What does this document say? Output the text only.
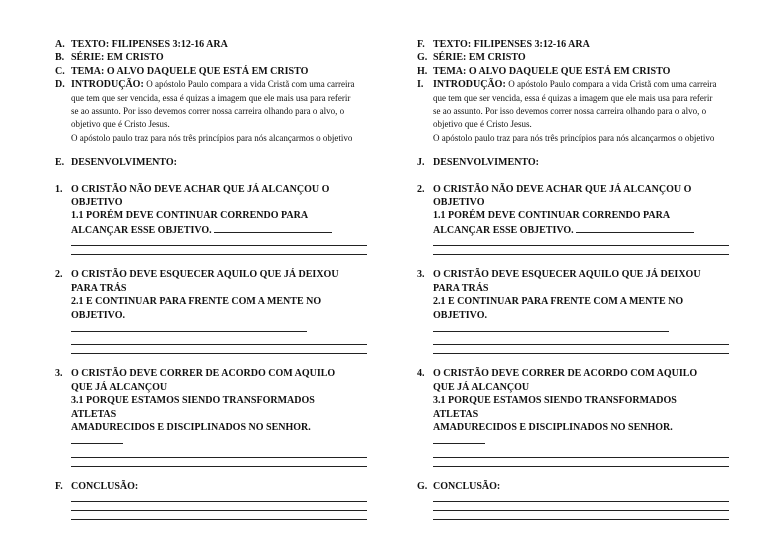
A. TEXTO: FILIPENSES 3:12-16 ARA
B. SÉRIE: EM CRISTO
C. TEMA: O ALVO DAQUELE QUE ESTÁ EM CRISTO
D. INTRODUÇÃO: O apóstolo Paulo compara a vida Cristã com uma carreira que tem que ser vencida, essa é quizas a imagem que ele mais usa para referir se ao assunto. Por isso devemos correr nossa carreira olhando para o alvo, o objetivo que é Cristo Jesus.
O apóstolo paulo traz para nós três princípios para nós alcançarmos o objetivo
E. DESENVOLVIMENTO:
1. O CRISTÃO NÃO DEVE ACHAR QUE JÁ ALCANÇOU O OBJETIVO
1.1 PORÉM DEVE CONTINUAR CORRENDO PARA
ALCANÇAR ESSE OBJETIVO.
2. O CRISTÃO DEVE ESQUECER AQUILO QUE JÁ DEIXOU PARA TRÁS
2.1 E CONTINUAR PARA FRENTE COM A MENTE NO
OBJETIVO.
3. O CRISTÃO DEVE CORRER DE ACORDO COM AQUILO QUE JÁ ALCANÇOU
3.1 PORQUE ESTAMOS SIENDO TRANSFORMADOS ATLETAS
AMADURECIDOS E DISCIPLINADOS NO SENHOR.
F. CONCLUSÃO:
F. TEXTO: FILIPENSES 3:12-16 ARA
G. SÉRIE: EM CRISTO
H. TEMA: O ALVO DAQUELE QUE ESTÁ EM CRISTO
I. INTRODUÇÃO: O apóstolo Paulo compara a vida Cristã com uma carreira que tem que ser vencida, essa é quizas a imagem que ele mais usa para referir se ao assunto. Por isso devemos correr nossa carreira olhando para o alvo, o objetivo que é Cristo Jesus.
O apóstolo paulo traz para nós três princípios para nós alcançarmos o objetivo
J. DESENVOLVIMENTO:
2. O CRISTÃO NÃO DEVE ACHAR QUE JÁ ALCANÇOU O OBJETIVO
1.1 PORÉM DEVE CONTINUAR CORRENDO PARA
ALCANÇAR ESSE OBJETIVO.
3. O CRISTÃO DEVE ESQUECER AQUILO QUE JÁ DEIXOU PARA TRÁS
2.1 E CONTINUAR PARA FRENTE COM A MENTE NO
OBJETIVO.
4. O CRISTÃO DEVE CORRER DE ACORDO COM AQUILO QUE JÁ ALCANÇOU
3.1 PORQUE ESTAMOS SIENDO TRANSFORMADOS ATLETAS
AMADURECIDOS E DISCIPLINADOS NO SENHOR.
G. CONCLUSÃO:
